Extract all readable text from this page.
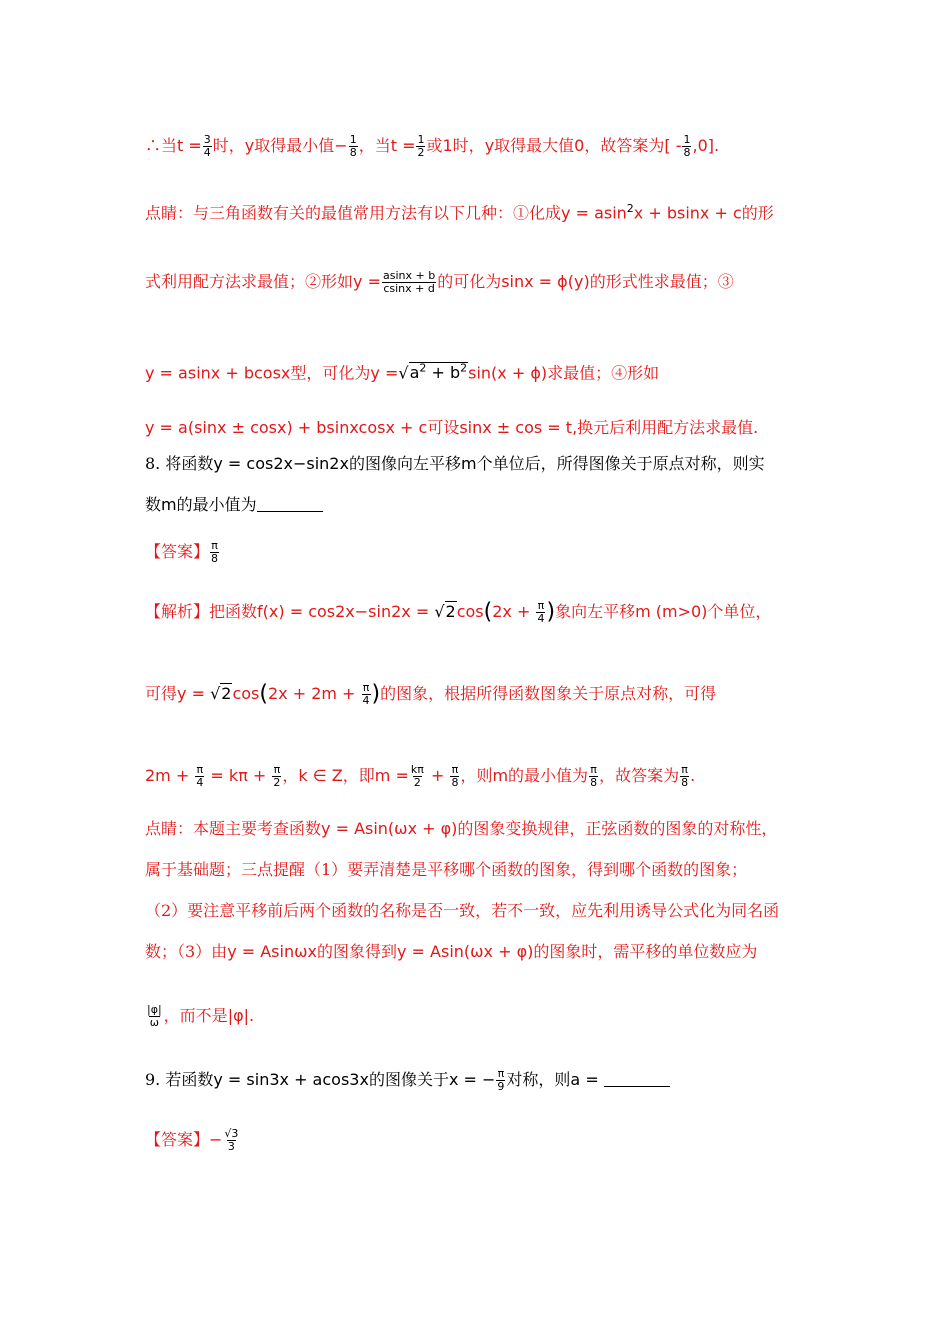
∴当$t = \frac{3}{4}$ 时，y取得最小值− $\frac{1}{8}$ ，当$t = \frac{1}{2}$ 或1时，y取得最大值0，故答案为[ - $\frac{1}{8} ,0$].
点睛：与三角函数有关的最值常用方法有以下几种：①化成y = asin$^2$x + bsinx + c的形
式利用配方法求最值；②形如$y = \frac{asinx + b}{csinx + d}$ 的可化为sinx = ϕ(y)的形式性求最值；③
y = asinx + bcosx型，可化为$y =√a^2 + b^2\sin(x + \phi)$求最值；④形如
y = a(sinx ± cosx) + bsinxcosx + c可设sinx ± cos = t,换元后利用配方法求最值.
8. 将函数y = cos2x−sin2x的图像向左平移m个单位后，所得图像关于原点对称，则实
数m的最小值为
【答案】 $\frac{\pi}{8}$
【解析】把函数$f(x) = \cos 2x-\sin 2x = √2\cos(2x + \frac{\pi}{4}$ )象向左平移m (m>0)个单位，
可得$y = √2\cos(2x + 2m + \frac{\pi}{4}$ )的图象，根据所得函数图象关于原点对称，可得
$2m + \frac{\pi}{4} = k\pi + \frac{\pi}{2}$ ，k ∈ Z，即$m = \frac{k\pi}{2} + \frac{\pi}{8}$ ，则m的最小值为 $\frac{\pi}{8}$ ，故答案为 $\frac{\pi}{8}$ .
点睛：本题主要考查函数y = Asin(ωx + φ)的图象变换规律，正弦函数的图象的对称性，
属于基础题；三点提醒（1）要弄清楚是平移哪个函数的图象，得到哪个函数的图象；
（2）要注意平移前后两个函数的名称是否一致，若不一致，应先利用诱导公式化为同名函
数；（3）由y = Asinωx的图象得到y = Asin(ωx + φ)的图象时，需平移的单位数应为
$\frac{|\varphi|}{\omega}$ ，而不是|φ|.
9. 若函数y = sin3x + acos3x的图像关于x = − $\frac{\pi}{9}$ 对称，则a =
【答案】− $\frac{√3}{3}$
